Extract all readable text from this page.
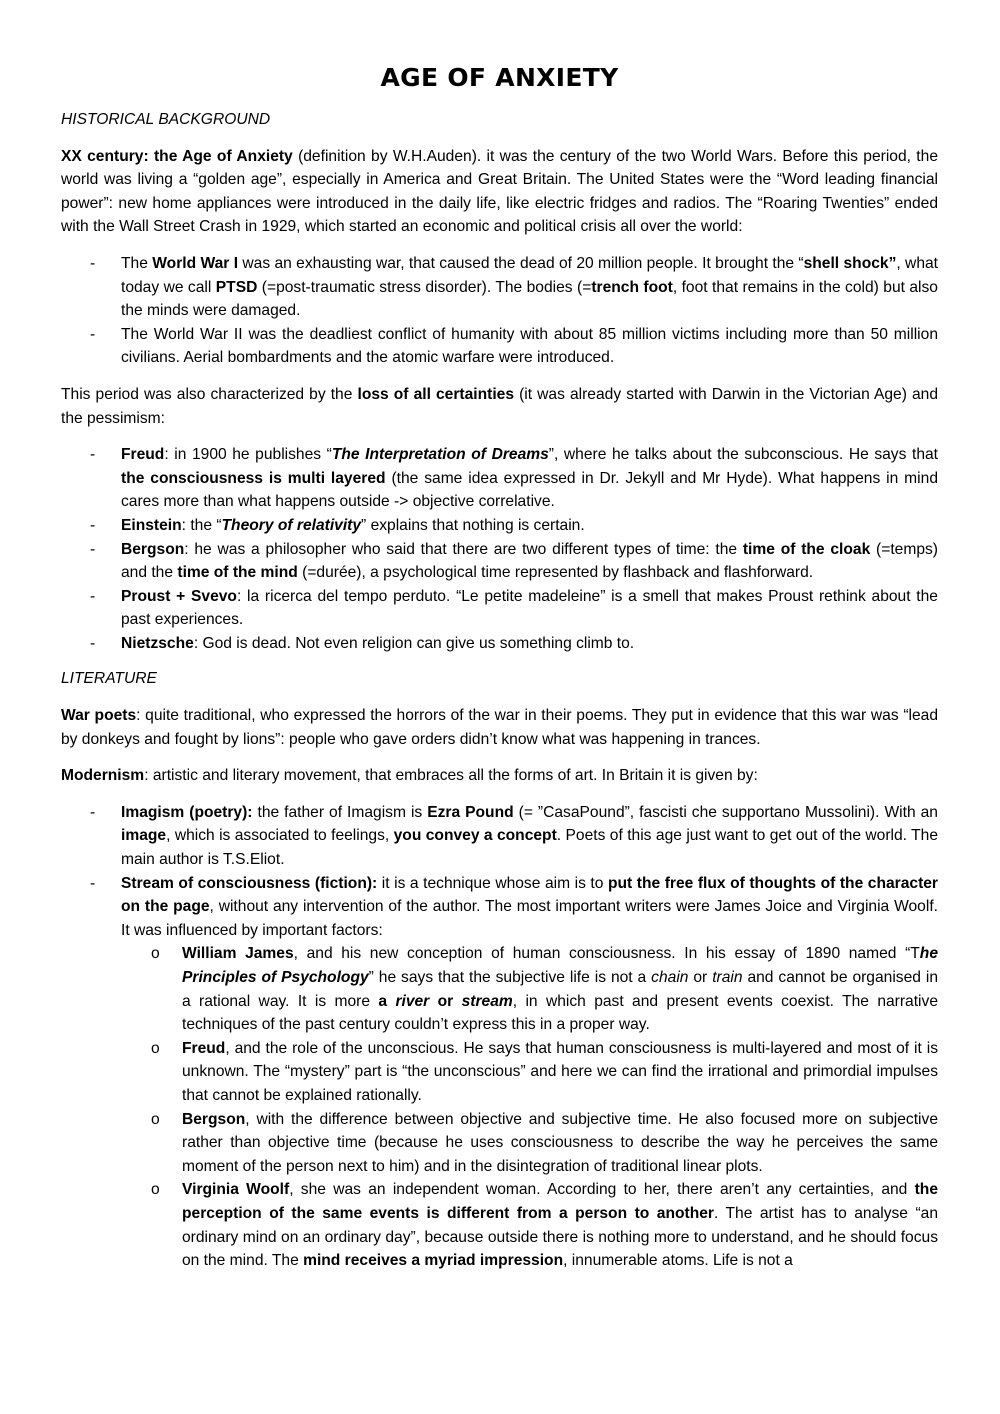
AGE OF ANXIETY
HISTORICAL BACKGROUND

XX century: the Age of Anxiety (definition by W.H.Auden). it was the century of the two World Wars. Before this period, the world was living a “golden age”, especially in America and Great Britain. The United States were the “Word leading financial power”: new home appliances were introduced in the daily life, like electric fridges and radios. The “Roaring Twenties” ended with the Wall Street Crash in 1929, which started an economic and political crisis all over the world:

- The World War I was an exhausting war, that caused the dead of 20 million people. It brought the “shell shock”, what today we call PTSD (=post-traumatic stress disorder). The bodies (=trench foot, foot that remains in the cold) but also the minds were damaged.
- The World War II was the deadliest conflict of humanity with about 85 million victims including more than 50 million civilians. Aerial bombardments and the atomic warfare were introduced.

This period was also characterized by the loss of all certainties (it was already started with Darwin in the Victorian Age) and the pessimism:

- Freud: in 1900 he publishes “The Interpretation of Dreams”, where he talks about the subconscious. He says that the consciousness is multi layered (the same idea expressed in Dr. Jekyll and Mr Hyde). What happens in mind cares more than what happens outside -> objective correlative.
- Einstein: the “Theory of relativity” explains that nothing is certain.
- Bergson: he was a philosopher who said that there are two different types of time: the time of the cloak (=temps) and the time of the mind (=durée), a psychological time represented by flashback and flashforward.
- Proust + Svevo: la ricerca del tempo perduto. “Le petite madeleine” is a smell that makes Proust rethink about the past experiences.
- Nietzsche: God is dead. Not even religion can give us something climb to.
LITERATURE

War poets: quite traditional, who expressed the horrors of the war in their poems. They put in evidence that this war was “lead by donkeys and fought by lions”: people who gave orders didn’t know what was happening in trances.

Modernism: artistic and literary movement, that embraces all the forms of art. In Britain it is given by:

- Imagism (poetry): the father of Imagism is Ezra Pound (= ”CasaPound”, fascisti che supportano Mussolini). With an image, which is associated to feelings, you convey a concept. Poets of this age just want to get out of the world. The main author is T.S.Eliot.
- Stream of consciousness (fiction): it is a technique whose aim is to put the free flux of thoughts of the character on the page, without any intervention of the author. The most important writers were James Joice and Virginia Woolf. It was influenced by important factors:
o William James, and his new conception of human consciousness. In his essay of 1890 named “The Principles of Psychology” he says that the subjective life is not a chain or train and cannot be organised in a rational way. It is more a river or stream, in which past and present events coexist. The narrative techniques of the past century couldn’t express this in a proper way.
o Freud, and the role of the unconscious. He says that human consciousness is multi-layered and most of it is unknown. The “mystery” part is “the unconscious” and here we can find the irrational and primordial impulses that cannot be explained rationally.
o Bergson, with the difference between objective and subjective time. He also focused more on subjective rather than objective time (because he uses consciousness to describe the way he perceives the same moment of the person next to him) and in the disintegration of traditional linear plots.
o Virginia Woolf, she was an independent woman. According to her, there aren’t any certainties, and the perception of the same events is different from a person to another. The artist has to analyse “an ordinary mind on an ordinary day”, because outside there is nothing more to understand, and he should focus on the mind. The mind receives a myriad impression, innumerable atoms. Life is not a
